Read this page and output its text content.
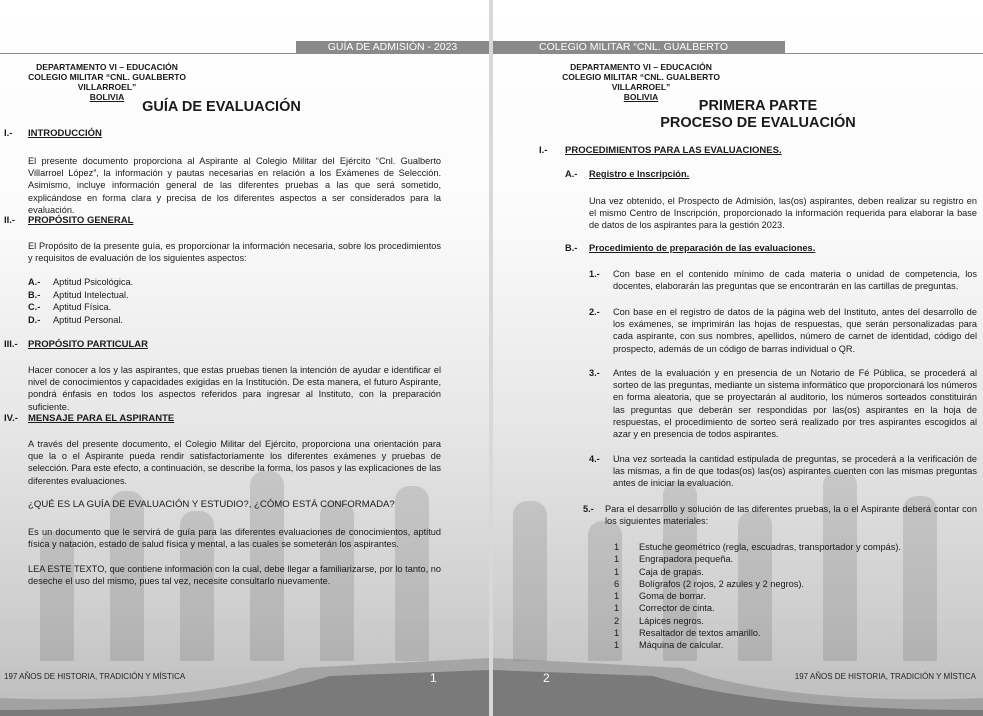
GUÍA DE ADMISIÓN - 2023
DEPARTAMENTO VI – EDUCACIÓN
COLEGIO MILITAR “CNL. GUALBERTO VILLARROEL”
BOLIVIA
GUÍA DE EVALUACIÓN
I.- INTRODUCCIÓN

El presente documento proporciona al Aspirante al Colegio Militar del Ejército “Cnl. Gualberto Villarroel López”, la información y pautas necesarias en relación a los Exámenes de Selección. Asimismo, incluye información general de las diferentes pruebas a las que será sometido, explicándose en forma clara y precisa de los diferentes aspectos a ser considerados para la evaluación.

II.- PROPÓSITO GENERAL

El Propósito de la presente guía, es proporcionar la información necesaria, sobre los procedimientos y requisitos de evaluación de los siguientes aspectos:

A.- Aptitud Psicológica.
B.- Aptitud Intelectual.
C.- Aptitud Física.
D.- Aptitud Personal.
III.- PROPÓSITO PARTICULAR

Hacer conocer a los y las aspirantes, que estas pruebas tienen la intención de ayudar e identificar el nivel de conocimientos y capacidades exigidas en la Institución. De esta manera, el futuro Aspirante, pondrá énfasis en todos los aspectos referidos para ingresar al Instituto, con la preparación suficiente.

IV.- MENSAJE PARA EL ASPIRANTE

A través del presente documento, el Colegio Militar del Ejército, proporciona una orientación para que la o el Aspirante pueda rendir satisfactoriamente los diferentes exámenes y pruebas de selección. Para este efecto, a continuación, se describe la forma, los pasos y las explicaciones de las diferentes evaluaciones.

¿QUÉ ES LA GUÍA DE EVALUACIÓN Y ESTUDIO?, ¿CÓMO ESTÁ CONFORMADA?

Es un documento que le servirá de guía para las diferentes evaluaciones de conocimientos, aptitud física y natación, estado de salud física y mental, a las cuales se someterán los aspirantes.

LEA ESTE TEXTO, que contiene información con la cual, debe llegar a familiarizarse, por lo tanto, no deseche el uso del mismo, pues tal vez, necesite consultarlo nuevamente.

197 AÑOS DE HISTORIA, TRADICIÓN Y MÍSTICA	1
COLEGIO MILITAR “CNL. GUALBERTO VILLARROEL”
DEPARTAMENTO VI – EDUCACIÓN
COLEGIO MILITAR “CNL. GUALBERTO VILLARROEL”
BOLIVIA
PRIMERA PARTE
PROCESO DE EVALUACIÓN
I.- PROCEDIMIENTOS PARA LAS EVALUACIONES.
A.- Registro e Inscripción.

Una vez obtenido, el Prospecto de Admisión, las(os) aspirantes, deben realizar su registro en el mismo Centro de Inscripción, proporcionado la información requerida para elaborar la base de datos de los aspirantes para la gestión 2023.

B.- Procedimiento de preparación de las evaluaciones.
1.- Con base en el contenido mínimo de cada materia o unidad de competencia, los docentes, elaborarán las preguntas que se encontrarán en las cartillas de preguntas.
2.- Con base en el registro de datos de la página web del Instituto, antes del desarrollo de los exámenes, se imprimirán las hojas de respuestas, que serán personalizadas para cada aspirante, con sus nombres, apellidos, número de carnet de identidad, código del prospecto, además de un código de barras individual o QR.
3.- Antes de la evaluación y en presencia de un Notario de Fé Pública, se procederá al sorteo de las preguntas, mediante un sistema informático que proporcionará los números en forma aleatoria, que se proyectarán al auditorio, los números sorteados constituirán las preguntas que deberán ser respondidas por las(os) aspirantes en la hoja de respuestas, el procedimiento de sorteo será realizado por tres aspirantes escogidos al azar y en presencia de todos aspirantes.
4.- Una vez sorteada la cantidad estipulada de preguntas, se procederá a la verificación de las mismas, a fin de que todas(os) las(os) aspirantes cuenten con las mismas preguntas antes de iniciar la evaluación.
5.- Para el desarrollo y solución de las diferentes pruebas, la o el Aspirante deberá contar con los siguientes materiales:
1 Estuche geométrico (regla, escuadras, transportador y compás).
1 Engrapadora pequeña.
1 Caja de grapas.
6 Bolígrafos (2 rojos, 2 azules y 2 negros).
1 Goma de borrar.
1 Corrector de cinta.
2 Lápices negros.
1 Resaltador de textos amarillo.
1 Máquina de calcular.
2	197 AÑOS DE HISTORIA, TRADICIÓN Y MÍSTICA
